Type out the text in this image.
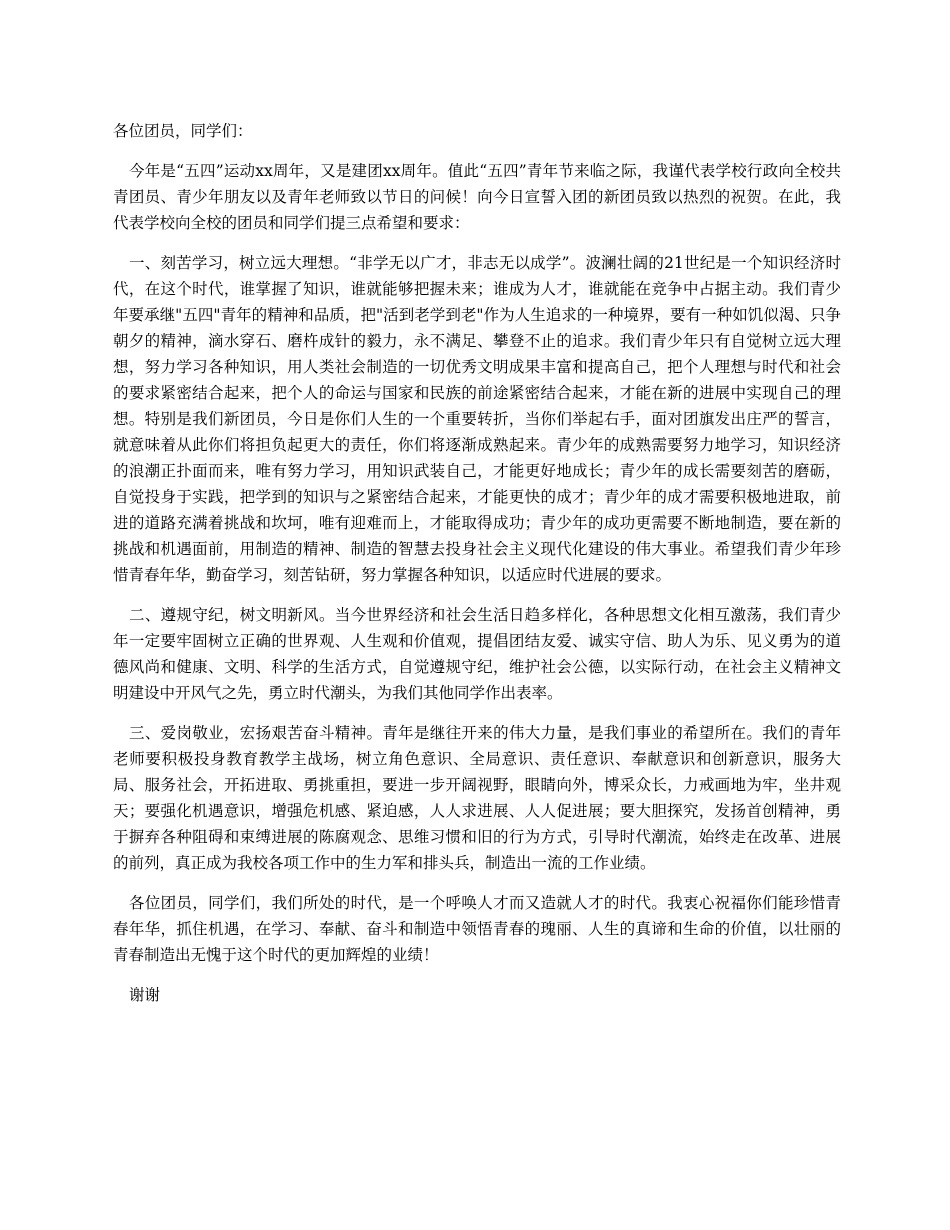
各位团员，同学们：

今年是“五四”运动xx周年，又是建团xx周年。值此“五四”青年节来临之际，我谨代表学校行政向全校共青团员、青少年朋友以及青年老师致以节日的问候！向今日宣誓入团的新团员致以热烈的祝贺。在此，我代表学校向全校的团员和同学们提三点希望和要求：

一、刻苦学习，树立远大理想。“非学无以广才，非志无以成学”。波澜壮阔的21世纪是一个知识经济时代，在这个时代，谁掌握了知识，谁就能够把握未来；谁成为人才，谁就能在竞争中占据主动。我们青少年要承继"五四"青年的精神和品质，把"活到老学到老"作为人生追求的一种境界，要有一种如饥似渴、只争朝夕的精神，滴水穿石、磨杵成针的毅力，永不满足、攀登不止的追求。我们青少年只有自觉树立远大理想，努力学习各种知识，用人类社会制造的一切优秀文明成果丰富和提高自己，把个人理想与时代和社会的要求紧密结合起来，把个人的命运与国家和民族的前途紧密结合起来，才能在新的进展中实现自己的理想。特别是我们新团员，今日是你们人生的一个重要转折，当你们举起右手，面对团旗发出庄严的誓言，就意味着从此你们将担负起更大的责任，你们将逐渐成熟起来。青少年的成熟需要努力地学习，知识经济的浪潮正扑面而来，唯有努力学习，用知识武装自己，才能更好地成长；青少年的成长需要刻苦的磨砺，自觉投身于实践，把学到的知识与之紧密结合起来，才能更快的成才；青少年的成才需要积极地进取，前进的道路充满着挑战和坎坷，唯有迎难而上，才能取得成功；青少年的成功更需要不断地制造，要在新的挑战和机遇面前，用制造的精神、制造的智慧去投身社会主义现代化建设的伟大事业。希望我们青少年珍惜青春年华，勤奋学习，刻苦钻研，努力掌握各种知识，以适应时代进展的要求。

二、遵规守纪，树文明新风。当今世界经济和社会生活日趋多样化，各种思想文化相互激荡，我们青少年一定要牢固树立正确的世界观、人生观和价值观，提倡团结友爱、诚实守信、助人为乐、见义勇为的道德风尚和健康、文明、科学的生活方式，自觉遵规守纪，维护社会公德，以实际行动，在社会主义精神文明建设中开风气之先，勇立时代潮头，为我们其他同学作出表率。

三、爱岗敬业，宏扬艰苦奋斗精神。青年是继往开来的伟大力量，是我们事业的希望所在。我们的青年老师要积极投身教育教学主战场，树立角色意识、全局意识、责任意识、奉献意识和创新意识，服务大局、服务社会，开拓进取、勇挑重担，要进一步开阔视野，眼睛向外，博采众长，力戒画地为牢，坐井观天；要强化机遇意识，增强危机感、紧迫感，人人求进展、人人促进展；要大胆探究，发扬首创精神，勇于摒弃各种阻碍和束缚进展的陈腐观念、思维习惯和旧的行为方式，引导时代潮流，始终走在改革、进展的前列，真正成为我校各项工作中的生力军和排头兵，制造出一流的工作业绩。

各位团员，同学们，我们所处的时代，是一个呼唤人才而又造就人才的时代。我衷心祝福你们能珍惜青春年华，抓住机遇，在学习、奉献、奋斗和制造中领悟青春的瑰丽、人生的真谛和生命的价值，以壮丽的青春制造出无愧于这个时代的更加辉煌的业绩！

谢谢
